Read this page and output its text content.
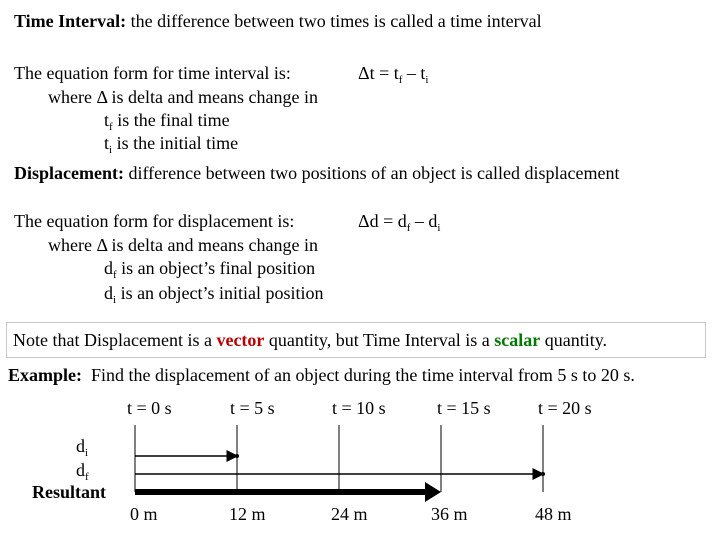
Time Interval: the difference between two times is called a time interval
The equation form for time interval is:	$\Delta t = t_f - t_i$
where Δ is delta and means change in
$t_f$ is the final time
$t_i$ is the initial time
Displacement: difference between two positions of an object is called displacement
The equation form for displacement is:	$\Delta d = d_f - d_i$
where Δ is delta and means change in
$d_f$ is an object’s final position
$d_i$ is an object’s initial position
Note that Displacement is a vector quantity, but Time Interval is a scalar quantity.
Example:  Find the displacement of an object during the time interval from 5 s to 20 s.
t = 0 s	t = 5 s	t = 10 s	t = 15 s	t = 20 s
$d_i$
$d_f$
Resultant
0 m	12 m	24 m	36 m	48 m
